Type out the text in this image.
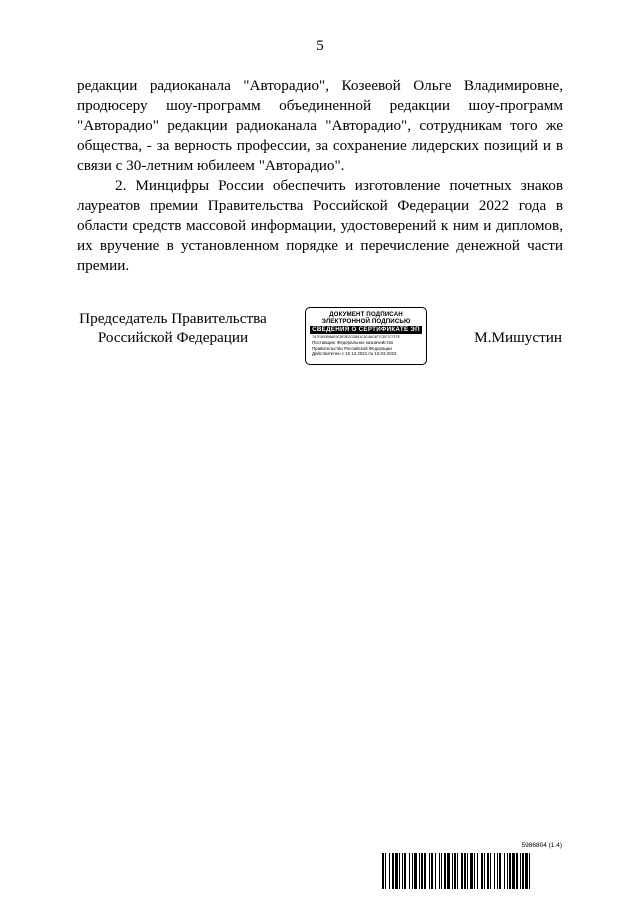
5

редакции радиоканала "Авторадио", Козеевой Ольге Владимировне, продюсеру шоу-программ объединенной редакции шоу-программ "Авторадио" редакции радиоканала "Авторадио", сотрудникам того же общества, - за верность профессии, за сохранение лидерских позиций и в связи с 30-летним юбилеем "Авторадио".

2. Минцифры России обеспечить изготовление почетных знаков лауреатов премии Правительства Российской Федерации 2022 года в области средств массовой информации, удостоверений к ним и дипломов, их вручение в установленном порядке и перечисление денежной части премии.

Председатель Правительства
Российской Федерации
ДОКУМЕНТ ПОДПИСАН
ЭЛЕКТРОННОЙ ПОДПИСЬЮ
СВЕДЕНИЯ О СЕРТИФИКАТЕ ЭП
7A7F0E0BBAE9C5F3E2CDB91C1E4AC4F7CDF7C7F7E
Поставщик: Федеральное казначейство
Правительство Российской Федерации
Действителен с 10.12.2021 по 10.03.2023
М.Мишустин
5986804 (1.4)
